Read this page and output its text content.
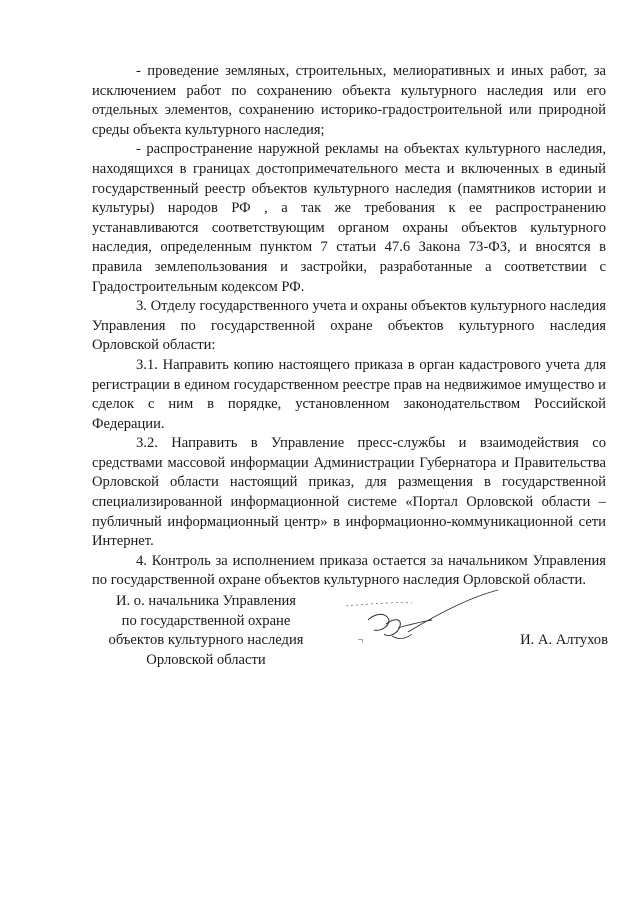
- проведение земляных, строительных, мелиоративных и иных работ, за исключением работ по сохранению объекта культурного наследия или его отдельных элементов, сохранению историко-градостроительной или природной среды объекта культурного наследия;

- распространение наружной рекламы на объектах культурного наследия, находящихся в границах достопримечательного места и включенных в единый государственный реестр объектов культурного наследия (памятников истории и культуры) народов РФ , а так же требования к ее распространению устанавливаются соответствующим органом охраны объектов культурного наследия, определенным пунктом 7 статьи 47.6 Закона 73-ФЗ, и вносятся в правила землепользования и застройки, разработанные а соответствии с Градостроительным кодексом РФ.

3. Отделу государственного учета и охраны объектов культурного наследия Управления по государственной охране объектов культурного наследия Орловской области:

3.1. Направить копию настоящего приказа в орган кадастрового учета для регистрации в едином государственном реестре прав на недвижимое имущество и сделок с ним в порядке, установленном законодательством Российской Федерации.

3.2. Направить в Управление пресс-службы и взаимодействия со средствами массовой информации Администрации Губернатора и Правительства Орловской области настоящий приказ, для размещения в государственной специализированной информационной системе «Портал Орловской области – публичный информационный центр» в информационно-коммуникационной сети Интернет.

4. Контроль за исполнением приказа остается за начальником Управления по государственной охране объектов культурного наследия Орловской области.

И. о. начальника Управления
по государственной охране
объектов культурного наследия
Орловской области
И. А. Алтухов
